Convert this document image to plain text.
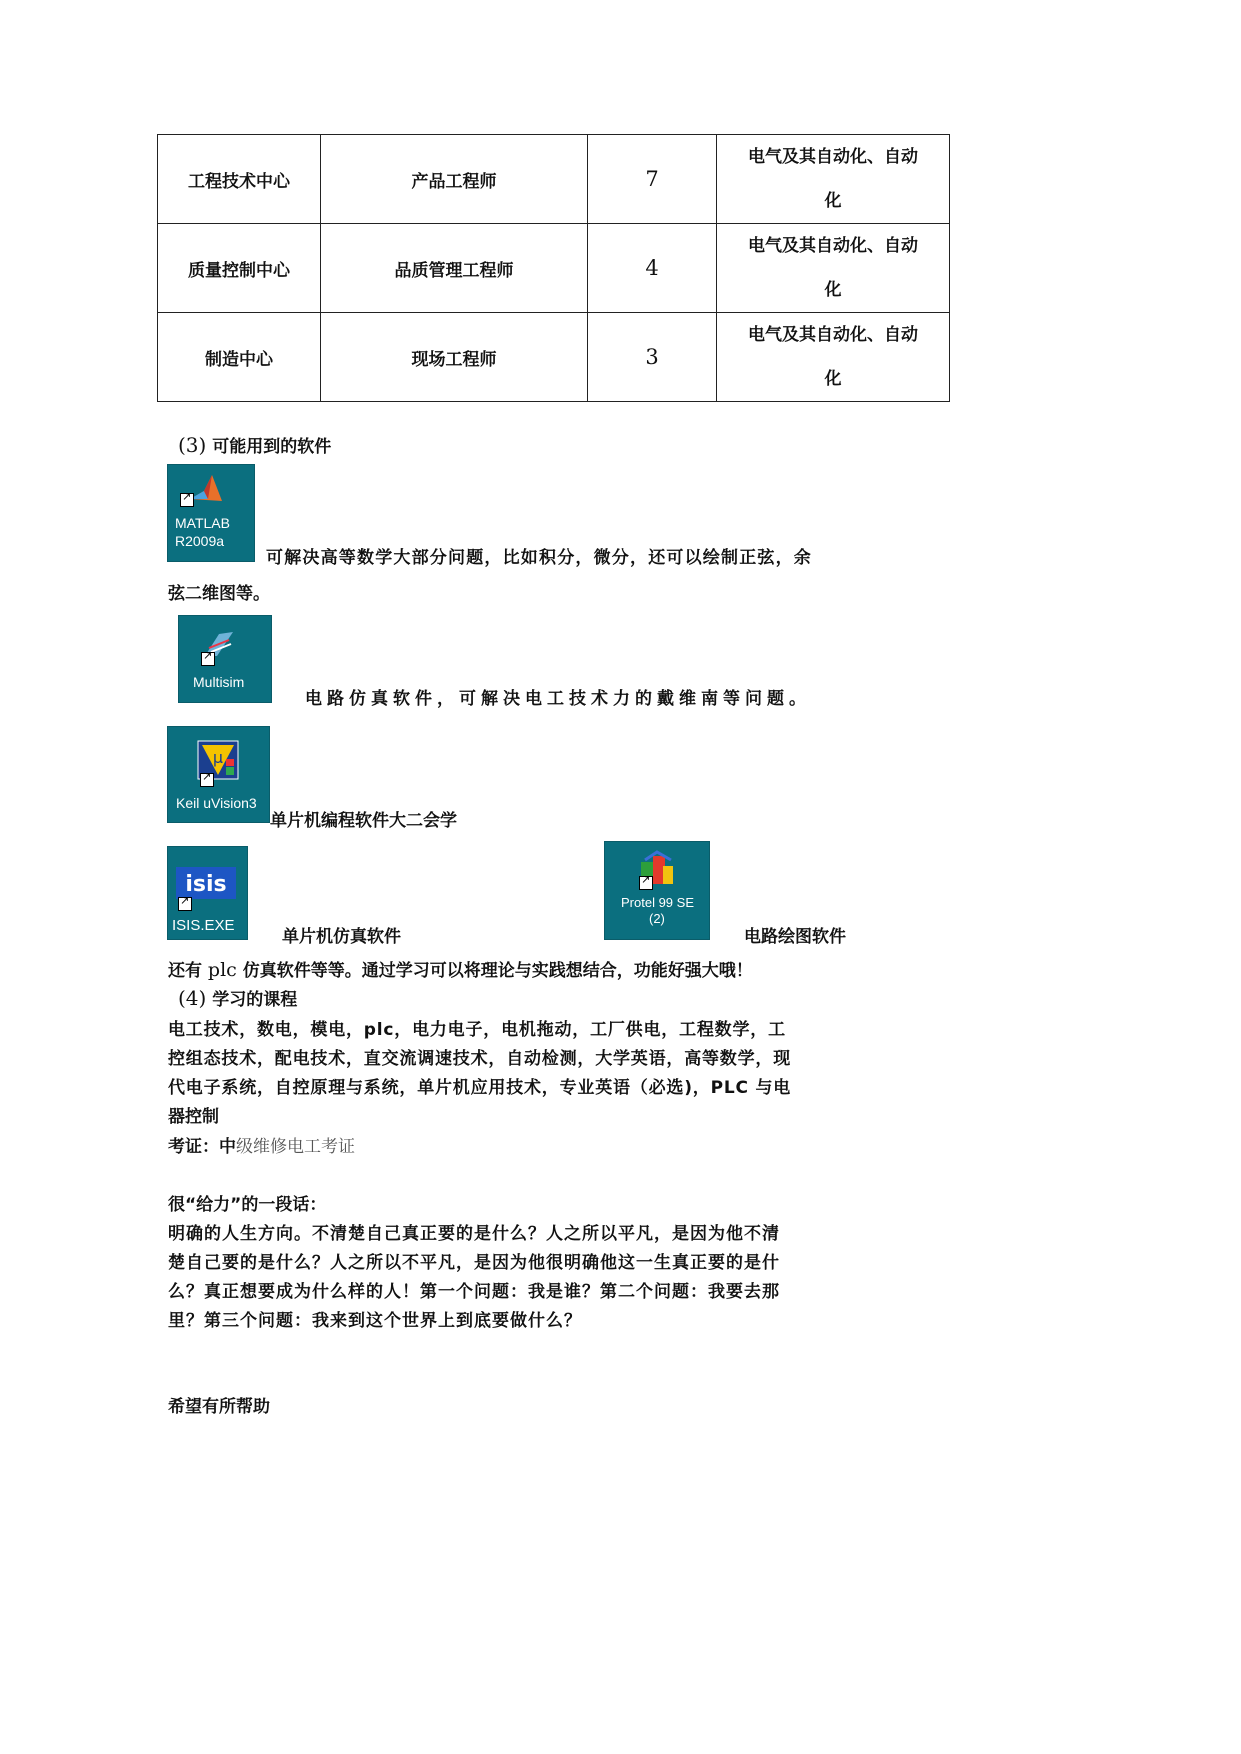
工程技术中心	产品工程师	7	电气及其自动化、自动
化
质量控制中心	品质管理工程师	4	电气及其自动化、自动
化
制造中心	现场工程师	3	电气及其自动化、自动
化
(3) 可能用到的软件
↗
MATLAB
R2009a
可解决高等数学大部分问题，比如积分，微分，还可以绘制正弦，余
弦二维图等。
↗
Multisim
电路仿真软件，可解决电工技术力的戴维南等问题。
μ
↗
Keil uVision3
单片机编程软件大二会学
isis
↗
ISIS.EXE
单片机仿真软件
↗
Protel 99 SE
(2)
电路绘图软件
还有 plc 仿真软件等等。通过学习可以将理论与实践想结合，功能好强大哦！
(4) 学习的课程
电工技术，数电，模电，plc，电力电子，电机拖动，工厂供电，工程数学，工
控组态技术，配电技术，直交流调速技术，自动检测，大学英语，高等数学，现
代电子系统，自控原理与系统，单片机应用技术，专业英语（必选)，PLC 与电
器控制
考证：中级维修电工考证
很“给力”的一段话：
明确的人生方向。不清楚自己真正要的是什么？人之所以平凡，是因为他不清
楚自己要的是什么？人之所以不平凡，是因为他很明确他这一生真正要的是什
么？真正想要成为什么样的人！第一个问题：我是谁？第二个问题：我要去那
里？第三个问题：我来到这个世界上到底要做什么？
希望有所帮助
